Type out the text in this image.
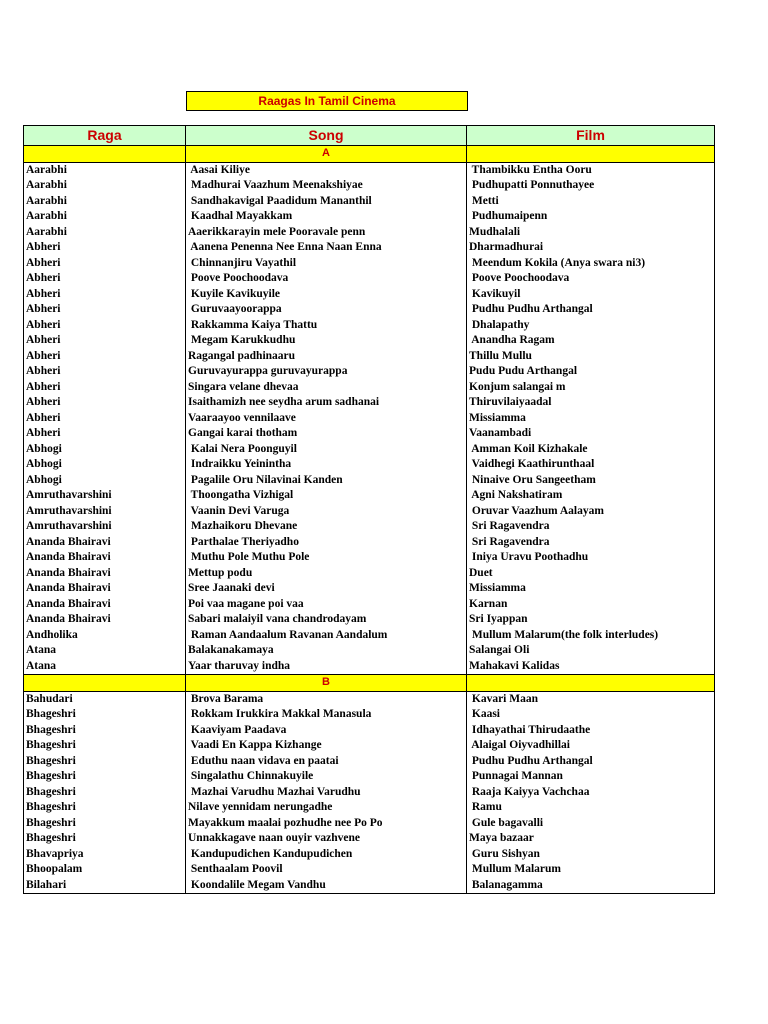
Raagas In Tamil Cinema
Raga	Song	Film
	A	
Aarabhi	Aasai Kiliye	Thambikku Entha Ooru
Aarabhi	Madhurai Vaazhum Meenakshiyae	Pudhupatti Ponnuthayee
Aarabhi	Sandhakavigal Paadidum Mananthil	Metti
Aarabhi	Kaadhal Mayakkam	Pudhumaipenn
Aarabhi	Aaerikkarayin mele Pooravale penn	Mudhalali
Abheri	Aanena Penenna Nee Enna Naan Enna	Dharmadhurai
Abheri	Chinnanjiru Vayathil	Meendum Kokila (Anya swara ni3)
Abheri	Poove Poochoodava	Poove Poochoodava
Abheri	Kuyile Kavikuyile	Kavikuyil
Abheri	Guruvaayoorappa	Pudhu Pudhu Arthangal
Abheri	Rakkamma Kaiya Thattu	Dhalapathy
Abheri	Megam Karukkudhu	Anandha Ragam
Abheri	Ragangal padhinaaru	Thillu Mullu
Abheri	Guruvayurappa guruvayurappa	Pudu Pudu Arthangal
Abheri	Singara velane dhevaa	Konjum salangai m
Abheri	Isaithamizh nee seydha arum sadhanai	Thiruvilaiyaadal
Abheri	Vaaraayoo vennilaave	Missiamma
Abheri	Gangai karai thotham	Vaanambadi
Abhogi	Kalai Nera Poonguyil	Amman Koil Kizhakale
Abhogi	Indraikku Yeinintha	Vaidhegi Kaathirunthaal
Abhogi	Pagalile Oru Nilavinai Kanden	Ninaive Oru Sangeetham
Amruthavarshini	Thoongatha Vizhigal	Agni Nakshatiram
Amruthavarshini	Vaanin Devi Varuga	Oruvar Vaazhum Aalayam
Amruthavarshini	Mazhaikoru Dhevane	Sri Ragavendra
Ananda Bhairavi	Parthalae Theriyadho	Sri Ragavendra
Ananda Bhairavi	Muthu Pole Muthu Pole	Iniya Uravu Poothadhu
Ananda Bhairavi	Mettup podu	Duet
Ananda Bhairavi	Sree Jaanaki devi	Missiamma
Ananda Bhairavi	Poi vaa magane poi vaa	Karnan
Ananda Bhairavi	Sabari malaiyil vana chandrodayam	Sri Iyappan
Andholika	Raman Aandaalum Ravanan Aandalum	Mullum Malarum(the folk interludes)
Atana	Balakanakamaya	Salangai Oli
Atana	Yaar tharuvay indha	Mahakavi Kalidas
	B	
Bahudari	Brova Barama	Kavari Maan
Bhageshri	Rokkam Irukkira Makkal Manasula	Kaasi
Bhageshri	Kaaviyam Paadava	Idhayathai Thirudaathe
Bhageshri	Vaadi En Kappa Kizhange	Alaigal Oiyvadhillai
Bhageshri	Eduthu naan vidava en paatai	Pudhu Pudhu Arthangal
Bhageshri	Singalathu Chinnakuyile	Punnagai Mannan
Bhageshri	Mazhai Varudhu Mazhai Varudhu	Raaja Kaiyya Vachchaa
Bhageshri	Nilave yennidam nerungadhe	Ramu
Bhageshri	Mayakkum maalai pozhudhe nee Po Po	Gule bagavalli
Bhageshri	Unnakkagave naan ouyir vazhvene	Maya bazaar
Bhavapriya	Kandupudichen Kandupudichen	Guru Sishyan
Bhoopalam	Senthaalam Poovil	Mullum Malarum
Bilahari	Koondalile Megam Vandhu	Balanagamma
